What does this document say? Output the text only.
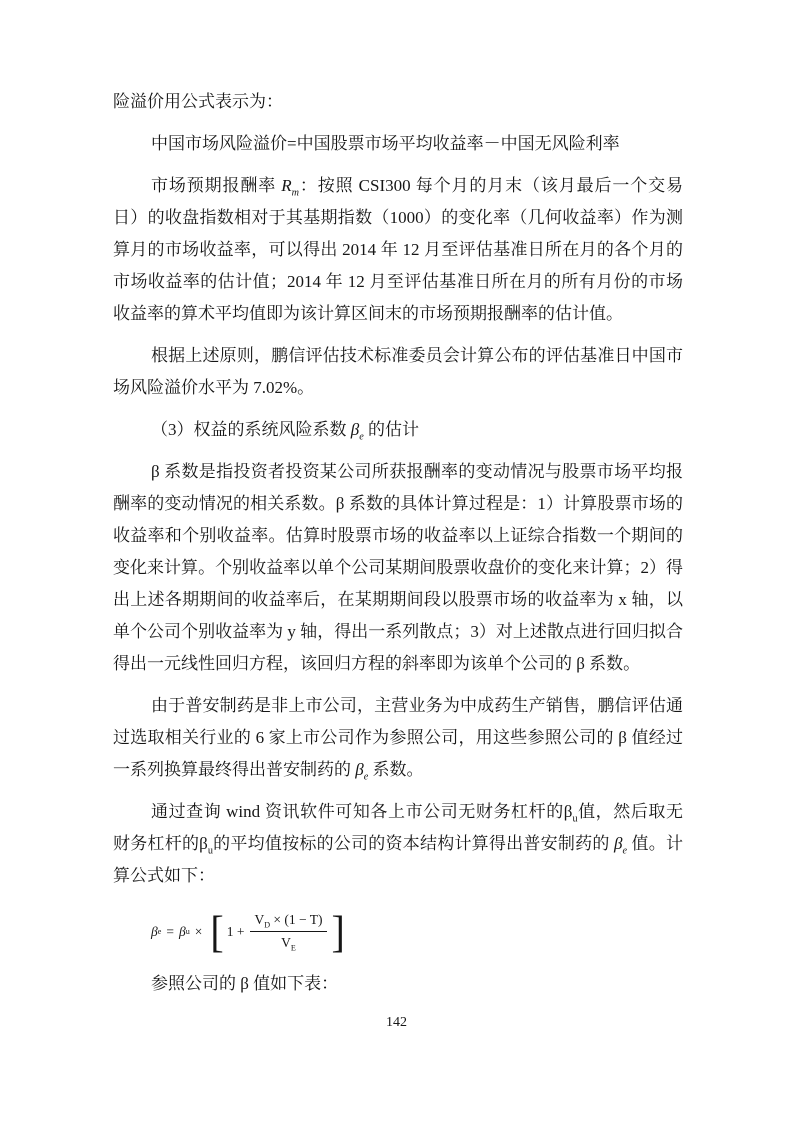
险溢价用公式表示为：
中国市场风险溢价=中国股票市场平均收益率－中国无风险利率
市场预期报酬率 $R_m$：按照 CSI300 每个月的月末（该月最后一个交易日）的收盘指数相对于其基期指数（1000）的变化率（几何收益率）作为测算月的市场收益率，可以得出 2014 年 12 月至评估基准日所在月的各个月的市场收益率的估计值；2014 年 12 月至评估基准日所在月的所有月份的市场收益率的算术平均值即为该计算区间末的市场预期报酬率的估计值。
根据上述原则，鹏信评估技术标准委员会计算公布的评估基准日中国市场风险溢价水平为 7.02%。
（3）权益的系统风险系数 $\beta_e$ 的估计
β 系数是指投资者投资某公司所获报酬率的变动情况与股票市场平均报酬率的变动情况的相关系数。β 系数的具体计算过程是：1）计算股票市场的收益率和个别收益率。估算时股票市场的收益率以上证综合指数一个期间的变化来计算。个别收益率以单个公司某期间股票收盘价的变化来计算；2）得出上述各期期间的收益率后，在某期期间段以股票市场的收益率为 x 轴，以单个公司个别收益率为 y 轴，得出一系列散点；3）对上述散点进行回归拟合得出一元线性回归方程，该回归方程的斜率即为该单个公司的 β 系数。
由于普安制药是非上市公司，主营业务为中成药生产销售，鹏信评估通过选取相关行业的 6 家上市公司作为参照公司，用这些参照公司的 β 值经过一系列换算最终得出普安制药的 $\beta_e$ 系数。
通过查询 wind 资讯软件可知各上市公司无财务杠杆的$\beta_u$值，然后取无财务杠杆的$\beta_u$的平均值按标的公司的资本结构计算得出普安制药的 $\beta_e$ 值。计算公式如下：
β e = β u × [ $1 + \frac{V_D \times (1 - T)}{V_E}$ ]
参照公司的 β 值如下表：
142
